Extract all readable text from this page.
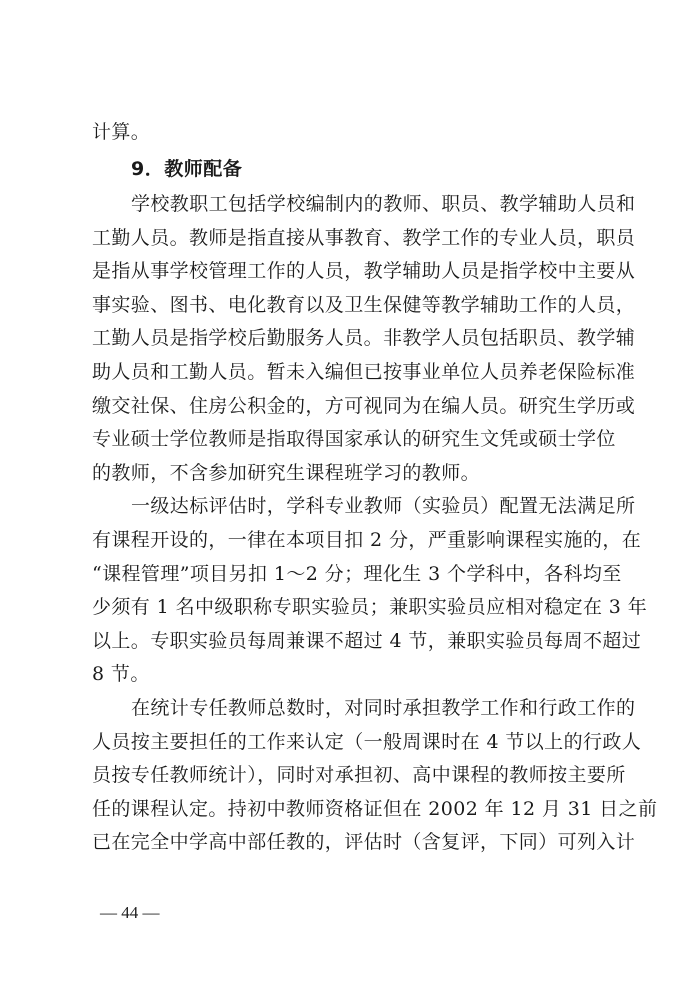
计算。
9．教师配备
学校教职工包括学校编制内的教师、职员、教学辅助人员和
工勤人员。教师是指直接从事教育、教学工作的专业人员，职员
是指从事学校管理工作的人员，教学辅助人员是指学校中主要从
事实验、图书、电化教育以及卫生保健等教学辅助工作的人员，
工勤人员是指学校后勤服务人员。非教学人员包括职员、教学辅
助人员和工勤人员。暂未入编但已按事业单位人员养老保险标准
缴交社保、住房公积金的，方可视同为在编人员。研究生学历或
专业硕士学位教师是指取得国家承认的研究生文凭或硕士学位
的教师，不含参加研究生课程班学习的教师。
一级达标评估时，学科专业教师（实验员）配置无法满足所
有课程开设的，一律在本项目扣 2 分，严重影响课程实施的，在
“课程管理”项目另扣 1～2 分；理化生 3 个学科中，各科均至
少须有 1 名中级职称专职实验员；兼职实验员应相对稳定在 3 年
以上。专职实验员每周兼课不超过 4 节，兼职实验员每周不超过
8 节。
在统计专任教师总数时，对同时承担教学工作和行政工作的
人员按主要担任的工作来认定（一般周课时在 4 节以上的行政人
员按专任教师统计），同时对承担初、高中课程的教师按主要所
任的课程认定。持初中教师资格证但在 2002 年 12 月 31 日之前
— 44 —
已在完全中学高中部任教的，评估时（含复评，下同）可列入计
